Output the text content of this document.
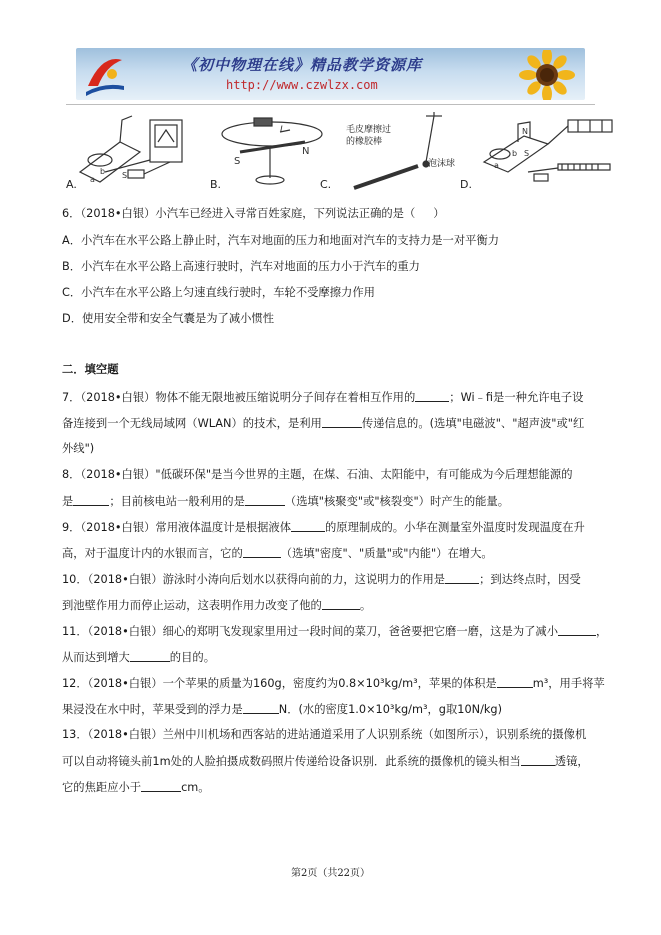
《初中物理在线》精品教学资源库
http://www.czwlzx.com
b
a	S
A.
I
S
N
B.
毛皮摩擦过
的橡胶棒
泡沫球
C.
N
S
a
b
D.
6．（2018•白银）小汽车已经进入寻常百姓家庭，下列说法正确的是（ ）
A．小汽车在水平公路上静止时，汽车对地面的压力和地面对汽车的支持力是一对平衡力
B．小汽车在水平公路上高速行驶时，汽车对地面的压力小于汽车的重力
C．小汽车在水平公路上匀速直线行驶时，车轮不受摩擦力作用
D．使用安全带和安全气囊是为了减小惯性
二．填空题
7．（2018•白银）物体不能无限地被压缩说明分子间存在着相互作用的	；Wi﹣fi是一种允许电子设
备连接到一个无线局域网（WLAN）的技术，是利用	传递信息的。(选填"电磁波"、"超声波"或"红
外线")
8．（2018•白银）"低碳环保"是当今世界的主题，在煤、石油、太阳能中，有可能成为今后理想能源的
是	；目前核电站一般利用的是	（选填"核聚变"或"核裂变"）时产生的能量。
9．（2018•白银）常用液体温度计是根据液体	的原理制成的。小华在测量室外温度时发现温度在升
高，对于温度计内的水银而言，它的	（选填"密度"、"质量"或"内能"）在增大。
10．（2018•白银）游泳时小涛向后划水以获得向前的力，这说明力的作用是	；到达终点时，因受
到池壁作用力而停止运动，这表明作用力改变了他的	。
11．（2018•白银）细心的郑明飞发现家里用过一段时间的菜刀，爸爸要把它磨一磨，这是为了减小	，
从而达到增大	的目的。
12．（2018•白银）一个苹果的质量为160g，密度约为0.8×10³kg/m³，苹果的体积是	m³，用手将苹
果浸没在水中时，苹果受到的浮力是	N．(水的密度1.0×10³kg/m³，g取10N/kg)
13．（2018•白银）兰州中川机场和西客站的进站通道采用了人识别系统（如图所示），识别系统的摄像机
可以自动将镜头前1m处的人脸拍摄成数码照片传递给设备识别．此系统的摄像机的镜头相当	透镜，
它的焦距应小于	cm。
第2页（共22页）
